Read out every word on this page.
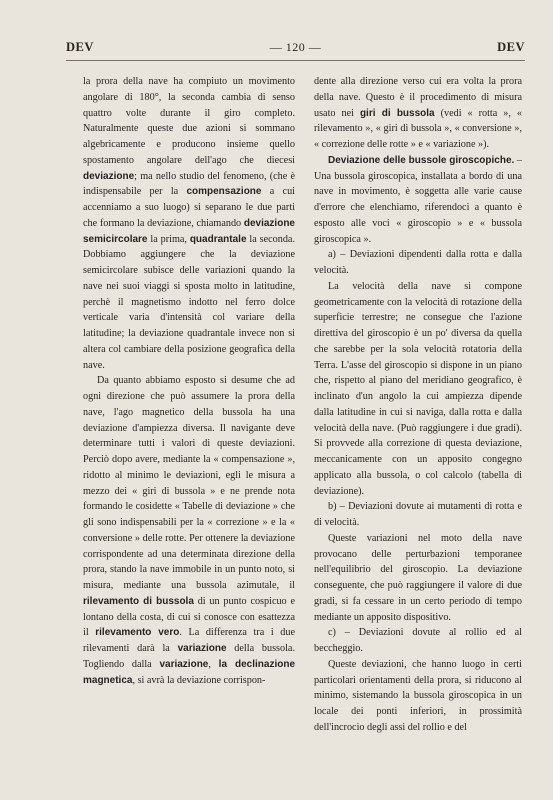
DEV	— 120 —	DEV

la prora della nave ha compiuto un movimento angolare di 180°, la seconda cambia di senso quattro volte durante il giro completo. Naturalmente queste due azioni si sommano algebricamente e producono insieme quello spostamento angolare dell'ago che diecesi deviazione; ma nello studio del fenomeno, (che è indispensabile per la compensazione a cui accenniamo a suo luogo) si separano le due parti che formano la deviazione, chiamando deviazione semicircolare la prima, quadrantale la seconda. Dobbiamo aggiungere che la deviazione semicircolare subisce delle variazioni quando la nave nei suoi viaggi si sposta molto in latitudine, perchè il magnetismo indotto nel ferro dolce verticale varia d'intensità col variare della latitudine; la deviazione quadrantale invece non si altera col cambiare della posizione geografica della nave.

Da quanto abbiamo esposto si desume che ad ogni direzione che può assumere la prora della nave, l'ago magnetico della bussola ha una deviazione d'ampiezza diversa. Il navigante deve determinare tutti i valori di queste deviazioni. Perciò dopo avere, mediante la « compensazione », ridotto al minimo le deviazioni, egli le misura a mezzo dei « giri di bussola » e ne prende nota formando le cosidette « Tabelle di deviazione » che gli sono indispensabili per la « correzione » e la « conversione » delle rotte. Per ottenere la deviazione corrispondente ad una determinata direzione della prora, stando la nave immobile in un punto noto, si misura, mediante una bussola azimutale, il rilevamento di bussola di un punto cospicuo e lontano della costa, di cui si conosce con esattezza il rilevamento vero. La differenza tra i due rilevamenti darà la variazione della bussola. Togliendo dalla variazione, la declinazione magnetica, si avrà la deviazione corrispon-

dente alla direzione verso cui era volta la prora della nave. Questo è il procedimento di misura usato nei giri di bussola (vedi « rotta », « rilevamento », « giri di bussola », « conversione », « correzione delle rotte » e « variazione »).

Deviazione delle bussole giroscopiche. – Una bussola giroscopica, installata a bordo di una nave in movimento, è soggetta alle varie cause d'errore che elenchiamo, riferendoci a quanto è esposto alle voci « giroscopio » e « bussola giroscopica ».

a) – Deviazioni dipendenti dalla rotta e dalla velocità.

La velocità della nave si compone geometricamente con la velocità di rotazione della superficie terrestre; ne consegue che l'azione direttiva del giroscopio è un po' diversa da quella che sarebbe per la sola velocità rotatoria della Terra. L'asse del giroscopio si dispone in un piano che, rispetto al piano del meridiano geografico, è inclinato d'un angolo la cui ampiezza dipende dalla latitudine in cui si naviga, dalla rotta e dalla velocità della nave. (Può raggiungere i due gradi). Si provvede alla correzione di questa deviazione, meccanicamente con un apposito congegno applicato alla bussola, o col calcolo (tabella di deviazione).

b) – Deviazioni dovute ai mutamenti di rotta e di velocità.

Queste variazioni nel moto della nave provocano delle perturbazioni temporanee nell'equilibrio del giroscopio. La deviazione conseguente, che può raggiungere il valore di due gradi, si fa cessare in un certo periodo di tempo mediante un apposito dispositivo.

c) – Deviazioni dovute al rollio ed al beccheggio.

Queste deviazioni, che hanno luogo in certi particolari orientamenti della prora, si riducono al minimo, sistemando la bussola giroscopica in un locale dei ponti inferiori, in prossimità dell'incrocio degli assi del rollio e del
